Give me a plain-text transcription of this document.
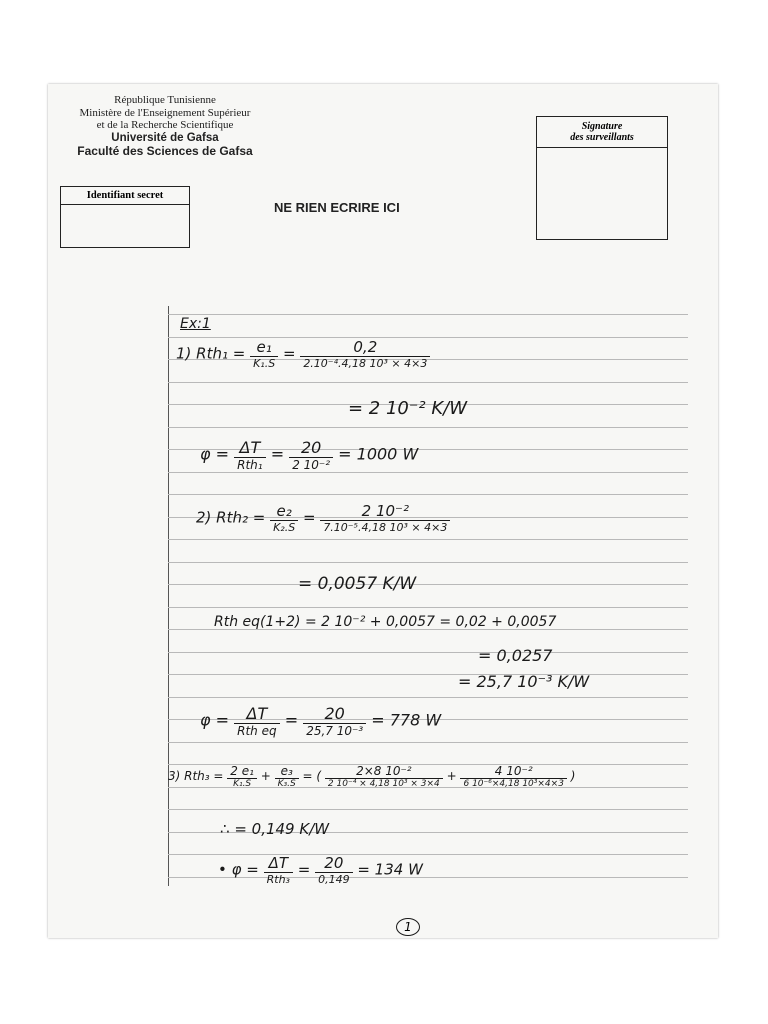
République Tunisienne
Ministère de l'Enseignement Supérieur
et de la Recherche Scientifique
Université de Gafsa
Faculté des Sciences de Gafsa
Identifiant secret
NE RIEN ECRIRE ICI
Signature
des surveillants
Ex:1
1) $Rth_1 = \frac{\text{e₁}}{\text{K₁.S}} = \frac{0,2}{\text{2.10⁻⁴.4,18 10³ × 4×3}}$
= 2 10⁻² K/W
$\varphi = \frac{\Delta T}{\text{Rth₁}} = \frac{20}{\text{2 10⁻²}} = 1000$ W
2) $Rth_2 = \frac{\text{e₂}}{\text{K₂.S}} = \frac{\text{2 10⁻²}}{\text{7.10⁻⁵.4,18 10³ × 4×3}}$
= 0,0057 K/W
Rth eq(1+2) = 2 10⁻² + 0,0057 = 0,02 + 0,0057
= 0,0257
= 25,7 10⁻³ K/W
$\varphi = \frac{\Delta T}{\text{Rth eq}} = \frac{20}{\text{25,7 10⁻³}} = 778$ W
3) $Rth_3 = \frac{\text{2 e₁}}{\text{K₁.S}} + \frac{\text{e₃}}{\text{K₃.S}}$ = ( $\frac{\text{2×8 10⁻²}}{\text{2 10⁻⁴ × 4,18 10³ × 3×4}} + \frac{\text{4 10⁻²}}{\text{6 10⁻⁶×4,18 10³×4×3}}$ )
∴ = 0,149 K/W
• $\varphi = \frac{\Delta T}{\text{Rth₃}} = \frac{20}{0,149} = 134$ W
1
